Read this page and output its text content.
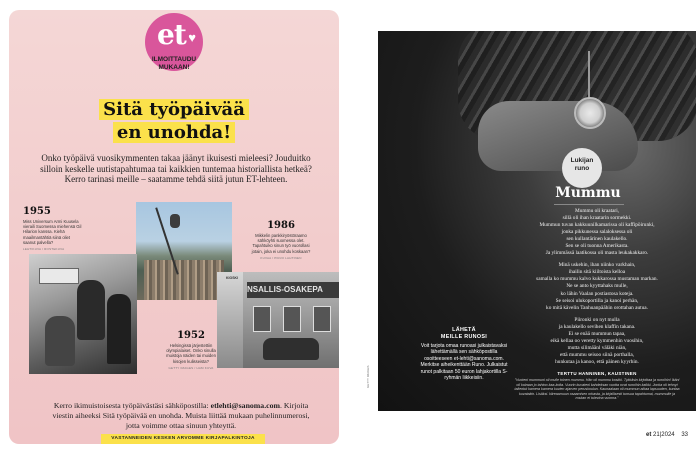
et ♥
ILMOITTAUDU
MUKAAN!
Sitä työpäivää
en unohda!

Onko työpäivä vuosikymmenten takaa jäänyt ikuisesti mieleesi? Jouduitko silloin keskelle uutistapahtumaa tai kaikkien tuntemaa historiallista hetkeä? Kerro tarinasi meille – saatamme tehdä siitä jutun ET-lehteen.

1955
Miss Universum Armi Kuusela vieraili Suomessa miehensä Gil Hilarion kanssa. Kiehä maailmantähtiä siinä oliet saanut palvella?
LEHTIKUVA / ROSTEKUVA
1986
Mikkelin pankkiryöstöraamo sähköyhti suomessa olet. Tapahtuiko sinun työ vuorollasi jotain, joka ei unohdu koskaan?
KUVAA / PIRJO LAHTINEN
1952
Helsingissä järjestettiin olympialaiset. Onko sinulla muistoja näiden tai muiden kisojen kulisseista?
GETTY IMAGES / HAM KUVA
KIOSKI
NSALLIS-OSAKEPA

Kerro ikimuistoisesta työpäivästäsi sähköpostilla: etlehti@sanoma.com. Kirjoita viestin aiheeksi Sitä työpäivää en unohda. Muista liittää mukaan puhelinnumerosi, jotta voimme ottaa sinuun yhteyttä.

VASTANNEIDEN KESKEN ARVOMME KIRJAPALKINTOJA
Lukijan
runo
Mummu
Mummu oli kraatari,
sillä oli ihan kraatarin sormekki.
Mummun tuvan kakkuunilkamarissa oli kaffipöirunki,
jonka pikkunessa salaloksessa oli
sen kullantärinen kaulakello.
Sen se oli tuonna Amerikasta.
Ja ylimmässä laatikossa oli masta leukakakkaro.
Minä uskehin, ihan niinko varkhain,
ihailin sitä kiiltoista kelloa
samalla ko mummu kalvo kukkarossa mustaman markan.
Ne se anto kyyttahaks mulle,
ko lähin Vaalan postiastosa koteja.
Se seisoi ulukoportilla ja kanoi perhän,
ko mitä kävelin Tanhuanpäähin orottahan autua.
Piironki on nyt mulla
ja kaulakello sevihen klaffin takana.
Ei se enää mummun tapaa,
eikä kellaa oo veretty kymmenhin vuosihin,
mutta silimäänl väläki niän,
että mummu seisoo siinä porthalla,
hunkutaa ja kanoo, että päinen kyyrhin.
TERTTU HANNINEN, KAUSTINEN
"Vuoteni mummuni oli mulle toinen mummu. Hän oli mummu koskki. Tykkäsin kirjoittaa ja runoihin! Ikäni oli koiraan jo tahtoo kaa-kolta. Vuorin kuvateni kahdeksan vuotta ovat runoihin kaikki. Jonka oli tehnyt tallentut kamera kamera kuvien ajarven peruskoulun. Kaunaalaan oli mummun aikaa lapsuuden, kuntaa kuvatakin. Lisäksi. kiireaamuun osaamisen orkasta, ja kirjallisesti tunsua tapahtumai, mummulle ja roskan ei tulevina vuonna."
LÄHETÄ
MEILLE RUNOSI
Voit tarjota omaa runoasi julkaistavaksi lähettämällä sen sähköpostilla osoitteeseen et-lehti@sanoma.com. Merkitse aiheikenttään Runo. Julkaistut runot palkitaan 50 euron lahjakortilla S-ryhmän liikkeisiin.
GETTY IMAGES
et 21|2024 33
